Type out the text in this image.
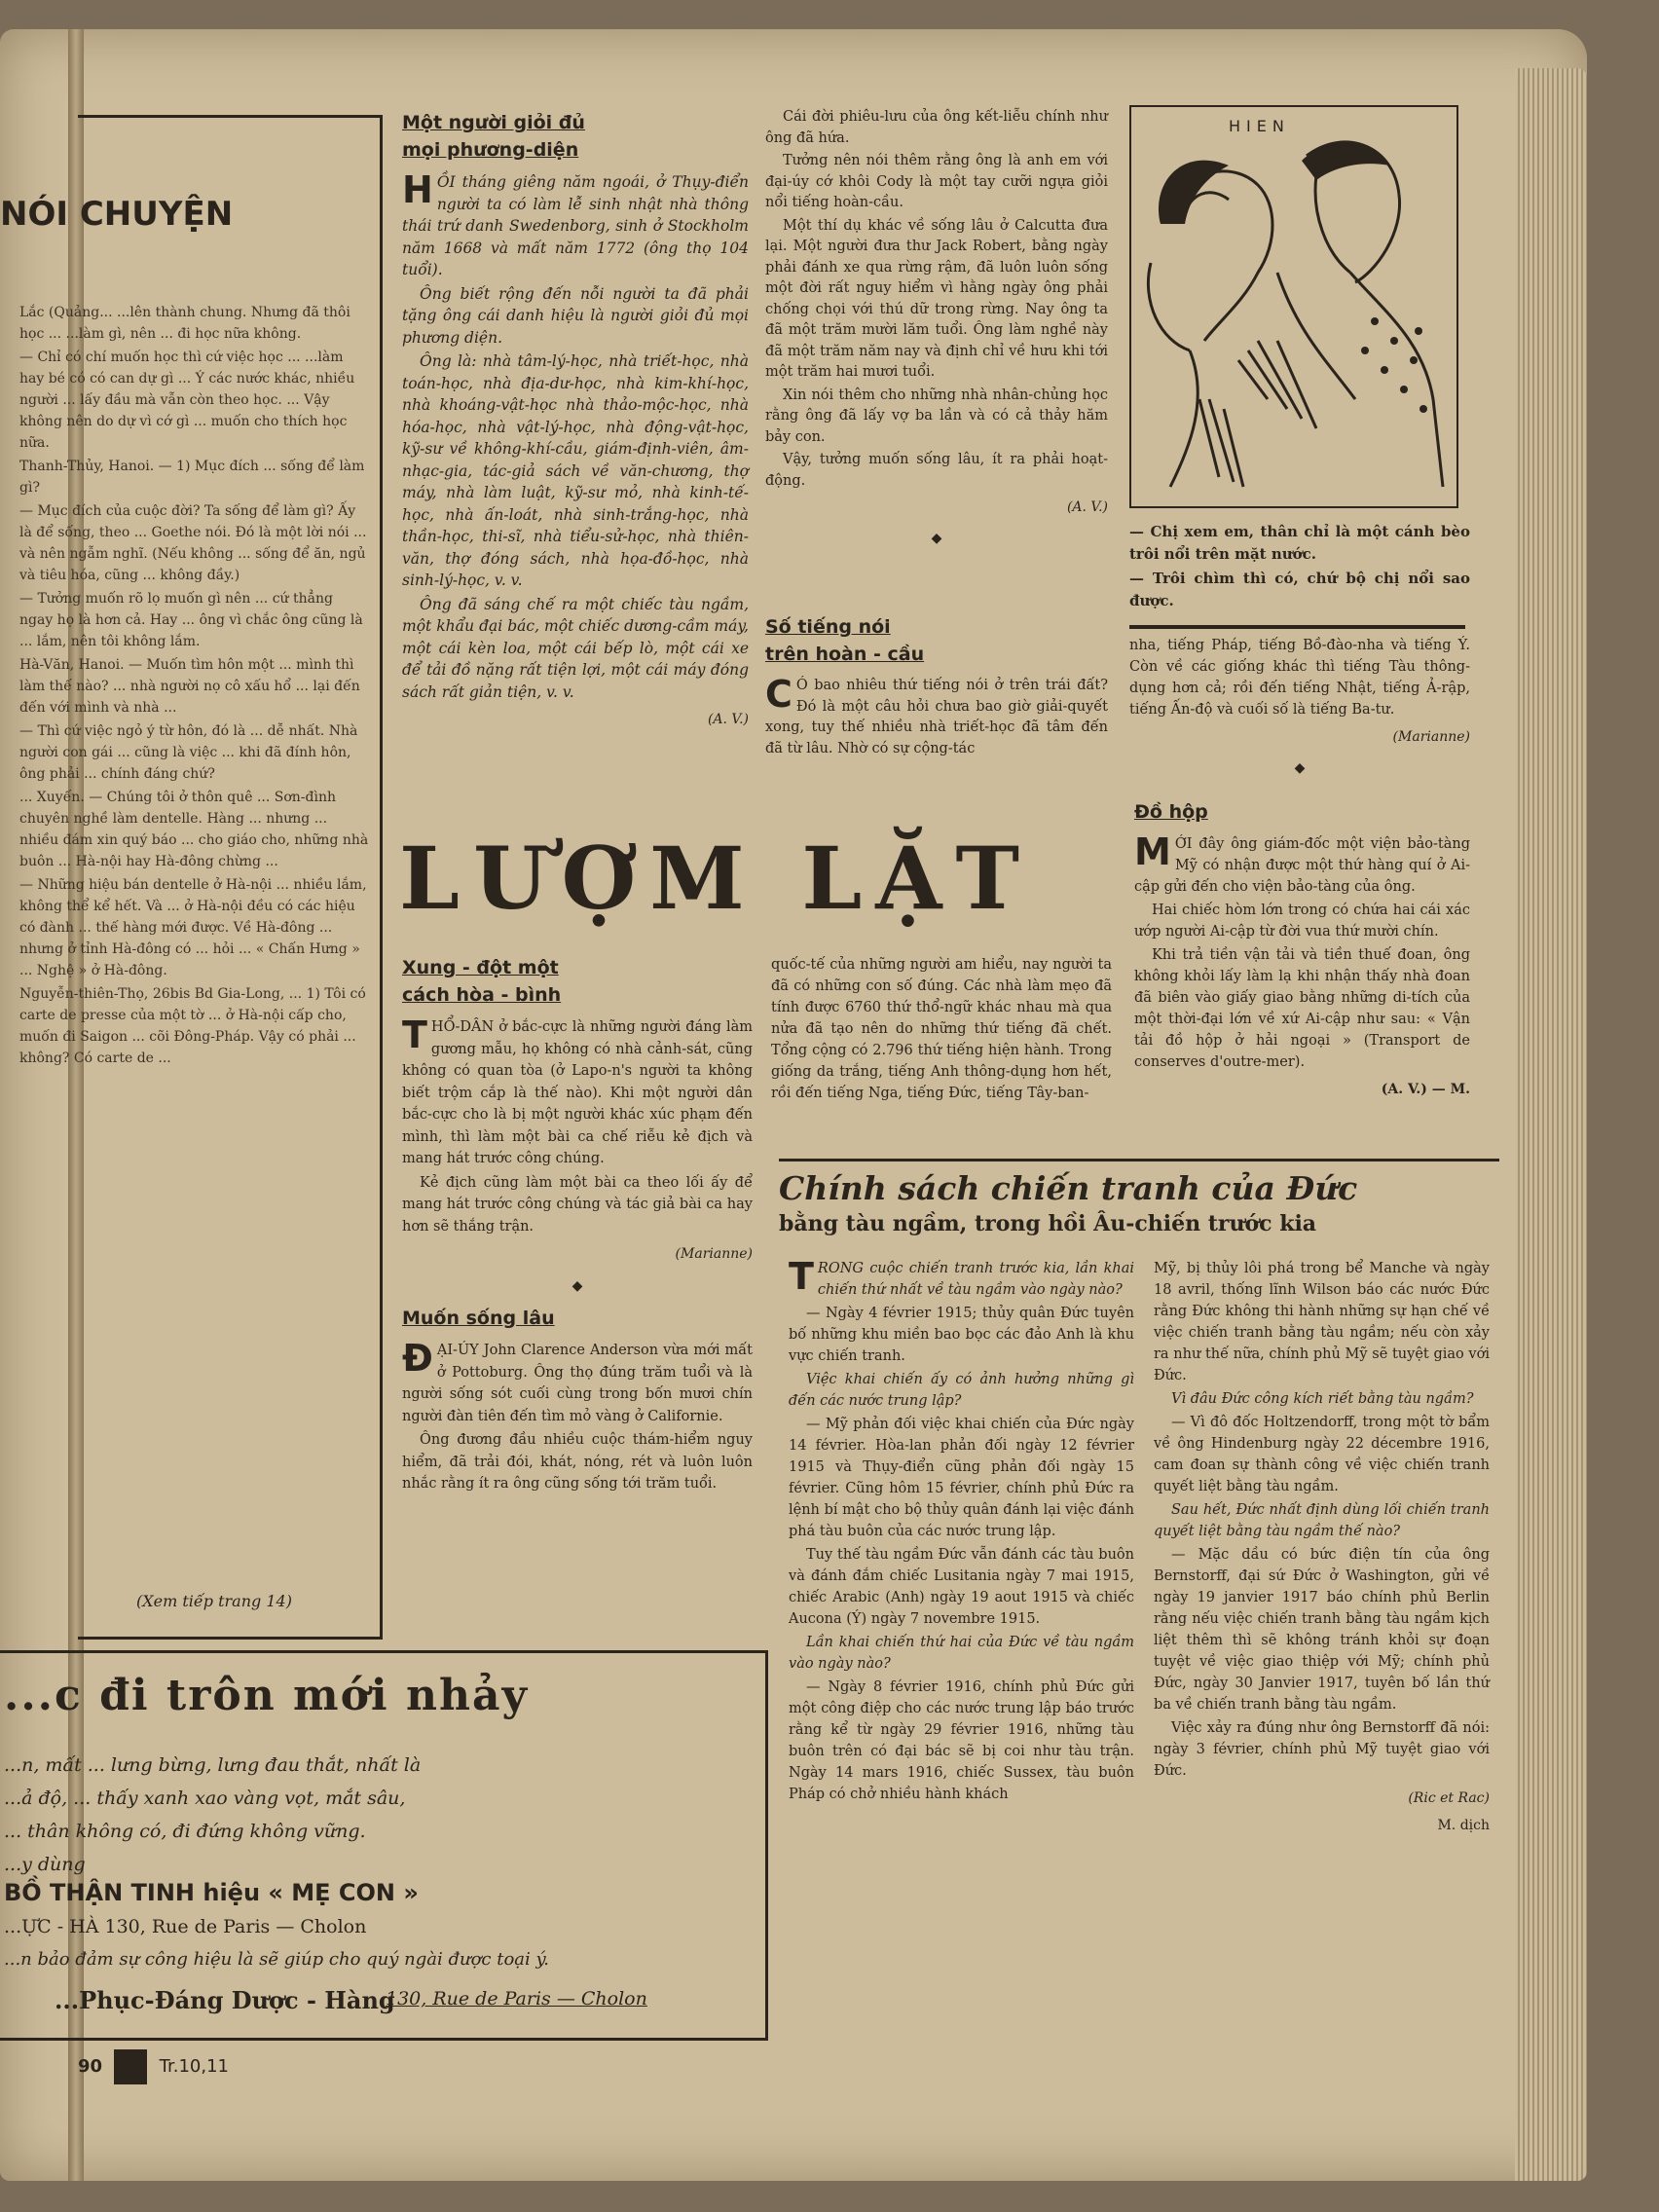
NÓI CHUYỆN

Lắc (Quảng... ...lên thành chung. Nhưng đã thôi học ... ...làm gì, nên ... đi học nữa không.

— Chỉ có chí muốn học thì cứ việc học ... ...làm hay bé có có can dự gì ... Ý các nước khác, nhiều người ... lấy đầu mà vẫn còn theo học. ... Vậy không nên do dự vì cớ gì ... muốn cho thích học nữa.

Thanh-Thủy, Hanoi. — 1) Mục đích ... sống để làm gì?

— Mục đích của cuộc đời? Ta sống để làm gì? Ấy là để sống, theo ... Goethe nói. Đó là một lời nói ... và nên ngẫm nghĩ. (Nếu không ... sống để ăn, ngủ và tiêu hóa, cũng ... không đầy.)

— Tưởng muốn rõ lọ muốn gì nên ... cứ thẳng ngay họ là hơn cả. Hay ... ông vì chắc ông cũng là ... lắm, nên tôi không lắm.

Hà-Văn, Hanoi. — Muốn tìm hôn một ... mình thì làm thế nào? ... nhà người nọ cô xấu hổ ... lại đến đến với mình và nhà ...

— Thì cứ việc ngỏ ý từ hôn, đó là ... dễ nhất. Nhà người con gái ... cũng là việc ... khi đã đính hôn, ông phải ... chính đáng chứ?

... Xuyến. — Chúng tôi ở thôn quê ... Sơn-đình chuyên nghề làm dentelle. Hàng ... nhưng ... nhiều đám xin quý báo ... cho giáo cho, những nhà buôn ... Hà-nội hay Hà-đông chừng ...

— Những hiệu bán dentelle ở Hà-nội ... nhiều lắm, không thể kể hết. Và ... ở Hà-nội đều có các hiệu có đành ... thế hàng mới được. Về Hà-đông ... nhưng ở tỉnh Hà-đông có ... hỏi ... « Chấn Hưng » ... Nghệ » ở Hà-đông.

Nguyễn-thiên-Thọ, 26bis Bd Gia-Long, ... 1) Tôi có carte de presse của một tờ ... ở Hà-nội cấp cho, muốn đi Saigon ... cõi Đông-Pháp. Vậy có phải ... không? Có carte de ...

(Xem tiếp trang 14)
...c đi trôn mới nhảy
...n, mất ... lưng bừng, lưng đau thắt, nhất là
...ả độ, ... thấy xanh xao vàng vọt, mắt sâu,
... thân không có, đi đứng không vững.
...y dùng
BỒ THẬN TINH hiệu « MẸ CON »
...ỰC - HÀ 130, Rue de Paris — Cholon
...n bảo đảm sự công hiệu là sẽ giúp cho quý ngài được toại ý.
...Phục-Đáng Dược - Hàng
130, Rue de Paris — Cholon
90	Tr.10,11
Một người giỏi đủ
mọi phương-diện

HỒI tháng giêng năm ngoái, ở Thụy-điển người ta có làm lễ sinh nhật nhà thông thái trứ danh Swedenborg, sinh ở Stockholm năm 1668 và mất năm 1772 (ông thọ 104 tuổi).

Ông biết rộng đến nỗi người ta đã phải tặng ông cái danh hiệu là người giỏi đủ mọi phương diện.

Ông là: nhà tâm-lý-học, nhà triết-học, nhà toán-học, nhà địa-dư-học, nhà kim-khí-học, nhà khoáng-vật-học nhà thảo-mộc-học, nhà hóa-học, nhà vật-lý-học, nhà động-vật-học, kỹ-sư về không-khí-cầu, giám-định-viên, âm-nhạc-gia, tác-giả sách về văn-chương, thợ máy, nhà làm luật, kỹ-sư mỏ, nhà kinh-tế-học, nhà ấn-loát, nhà sinh-trắng-học, nhà thần-học, thi-sĩ, nhà tiểu-sử-học, nhà thiên-văn, thợ đóng sách, nhà họa-đồ-học, nhà sinh-lý-học, v. v.

Ông đã sáng chế ra một chiếc tàu ngầm, một khẩu đại bác, một chiếc dương-cầm máy, một cái kèn loa, một cái bếp lò, một cái xe để tải đồ nặng rất tiện lợi, một cái máy đóng sách rất giản tiện, v. v.

(A. V.)

Cái đời phiêu-lưu của ông kết-liễu chính như ông đã hứa.

Tưởng nên nói thêm rằng ông là anh em với đại-úy cớ khôi Cody là một tay cưỡi ngựa giỏi nổi tiếng hoàn-cầu.

Một thí dụ khác về sống lâu ở Calcutta đưa lại. Một người đưa thư Jack Robert, bằng ngày phải đánh xe qua rừng rậm, đã luôn luôn sống một đời rất nguy hiểm vì hằng ngày ông phải chống chọi với thú dữ trong rừng. Nay ông ta đã một trăm mười lăm tuổi. Ông làm nghề này đã một trăm năm nay và định chỉ về hưu khi tới một trăm hai mươi tuổi.

Xin nói thêm cho những nhà nhân-chủng học rằng ông đã lấy vợ ba lần và có cả thảy hăm bảy con.

Vậy, tưởng muốn sống lâu, ít ra phải hoạt-động.

(A. V.)
◆
Số tiếng nói
trên hoàn - cầu

C Ó bao nhiêu thứ tiếng nói ở trên trái đất? Đó là một câu hỏi chưa bao giờ giải-quyết xong, tuy thế nhiều nhà triết-học đã tâm đến đã từ lâu. Nhờ có sự cộng-tác

HIEN

— Chị xem em, thân chỉ là một cánh bèo trôi nổi trên mặt nước.

— Trôi chìm thì có, chứ bộ chị nổi sao được.

nha, tiếng Pháp, tiếng Bồ-đào-nha và tiếng Ý. Còn về các giống khác thì tiếng Tàu thông-dụng hơn cả; rồi đến tiếng Nhật, tiếng Ả-rập, tiếng Ấn-độ và cuối số là tiếng Ba-tư.

(Marianne)
◆
Đồ hộp

MỚI đây ông giám-đốc một viện bảo-tàng Mỹ có nhận được một thứ hàng quí ở Ai-cập gửi đến cho viện bảo-tàng của ông.

Hai chiếc hòm lớn trong có chứa hai cái xác ướp người Ai-cập từ đời vua thứ mười chín.

Khi trả tiền vận tải và tiền thuế đoan, ông không khỏi lấy làm lạ khi nhận thấy nhà đoan đã biên vào giấy giao bằng những di-tích của một thời-đại lớn về xứ Ai-cập như sau: « Vận tải đồ hộp ở hải ngoại » (Transport de conserves d'outre-mer).

(A. V.) — M.
LƯỢM LẶT
Xung - đột một
cách hòa - bình

THỔ-DÂN ở bắc-cực là những người đáng làm gương mẫu, họ không có nhà cảnh-sát, cũng không có quan tòa (ở Lapo-n's người ta không biết trộm cắp là thế nào). Khi một người dân bắc-cực cho là bị một người khác xúc phạm đến mình, thì làm một bài ca chế riễu kẻ địch và mang hát trước công chúng.

Kẻ địch cũng làm một bài ca theo lối ấy để mang hát trước công chúng và tác giả bài ca hay hơn sẽ thắng trận.

(Marianne)
◆
Muốn sống lâu

ĐẠI-ÚY John Clarence Anderson vừa mới mất ở Pottoburg. Ông thọ đúng trăm tuổi và là người sống sót cuối cùng trong bốn mươi chín người đàn tiên đến tìm mỏ vàng ở Californie.

Ông đương đầu nhiều cuộc thám-hiểm nguy hiểm, đã trải đói, khát, nóng, rét và luôn luôn nhắc rằng ít ra ông cũng sống tới trăm tuổi.

quốc-tế của những người am hiểu, nay người ta đã có những con số đúng. Các nhà làm mẹo đã tính được 6760 thứ thổ-ngữ khác nhau mà qua nửa đã tạo nên do những thứ tiếng đã chết. Tổng cộng có 2.796 thứ tiếng hiện hành. Trong giống da trắng, tiếng Anh thông-dụng hơn hết, rồi đến tiếng Nga, tiếng Đức, tiếng Tây-ban-

Chính sách chiến tranh của Đức
bằng tàu ngầm, trong hồi Âu-chiến trước kia

TRONG cuộc chiến tranh trước kia, lần khai chiến thứ nhất về tàu ngầm vào ngày nào?

— Ngày 4 février 1915; thủy quân Đức tuyên bố những khu miền bao bọc các đảo Anh là khu vực chiến tranh.

Việc khai chiến ấy có ảnh hưởng những gì đến các nước trung lập?

— Mỹ phản đối việc khai chiến của Đức ngày 14 février. Hòa-lan phản đối ngày 12 février 1915 và Thụy-điển cũng phản đối ngày 15 février. Cũng hôm 15 février, chính phủ Đức ra lệnh bí mật cho bộ thủy quân đánh lại việc đánh phá tàu buôn của các nước trung lập.

Tuy thế tàu ngầm Đức vẫn đánh các tàu buôn và đánh đắm chiếc Lusitania ngày 7 mai 1915, chiếc Arabic (Anh) ngày 19 aout 1915 và chiếc Aucona (Ý) ngày 7 novembre 1915.

Lần khai chiến thứ hai của Đức về tàu ngầm vào ngày nào?

— Ngày 8 février 1916, chính phủ Đức gửi một công điệp cho các nước trung lập báo trước rằng kể từ ngày 29 février 1916, những tàu buôn trên có đại bác sẽ bị coi như tàu trận. Ngày 14 mars 1916, chiếc Sussex, tàu buôn Pháp có chở nhiều hành khách

Mỹ, bị thủy lôi phá trong bể Manche và ngày 18 avril, thống lĩnh Wilson báo các nước Đức rằng Đức không thi hành những sự hạn chế về việc chiến tranh bằng tàu ngầm; nếu còn xảy ra như thế nữa, chính phủ Mỹ sẽ tuyệt giao với Đức.

Vì đâu Đức công kích riết bằng tàu ngầm?

— Vì đô đốc Holtzendorff, trong một tờ bẩm về ông Hindenburg ngày 22 décembre 1916, cam đoan sự thành công về việc chiến tranh quyết liệt bằng tàu ngầm.

Sau hết, Đức nhất định dùng lối chiến tranh quyết liệt bằng tàu ngầm thế nào?

— Mặc dầu có bức điện tín của ông Bernstorff, đại sứ Đức ở Washington, gửi về ngày 19 janvier 1917 báo chính phủ Berlin rằng nếu việc chiến tranh bằng tàu ngầm kịch liệt thêm thì sẽ không tránh khỏi sự đoạn tuyệt về việc giao thiệp với Mỹ; chính phủ Đức, ngày 30 Janvier 1917, tuyên bố lần thứ ba về chiến tranh bằng tàu ngầm.

Việc xảy ra đúng như ông Bernstorff đã nói: ngày 3 février, chính phủ Mỹ tuyệt giao với Đức.

(Ric et Rac)
M. dịch
